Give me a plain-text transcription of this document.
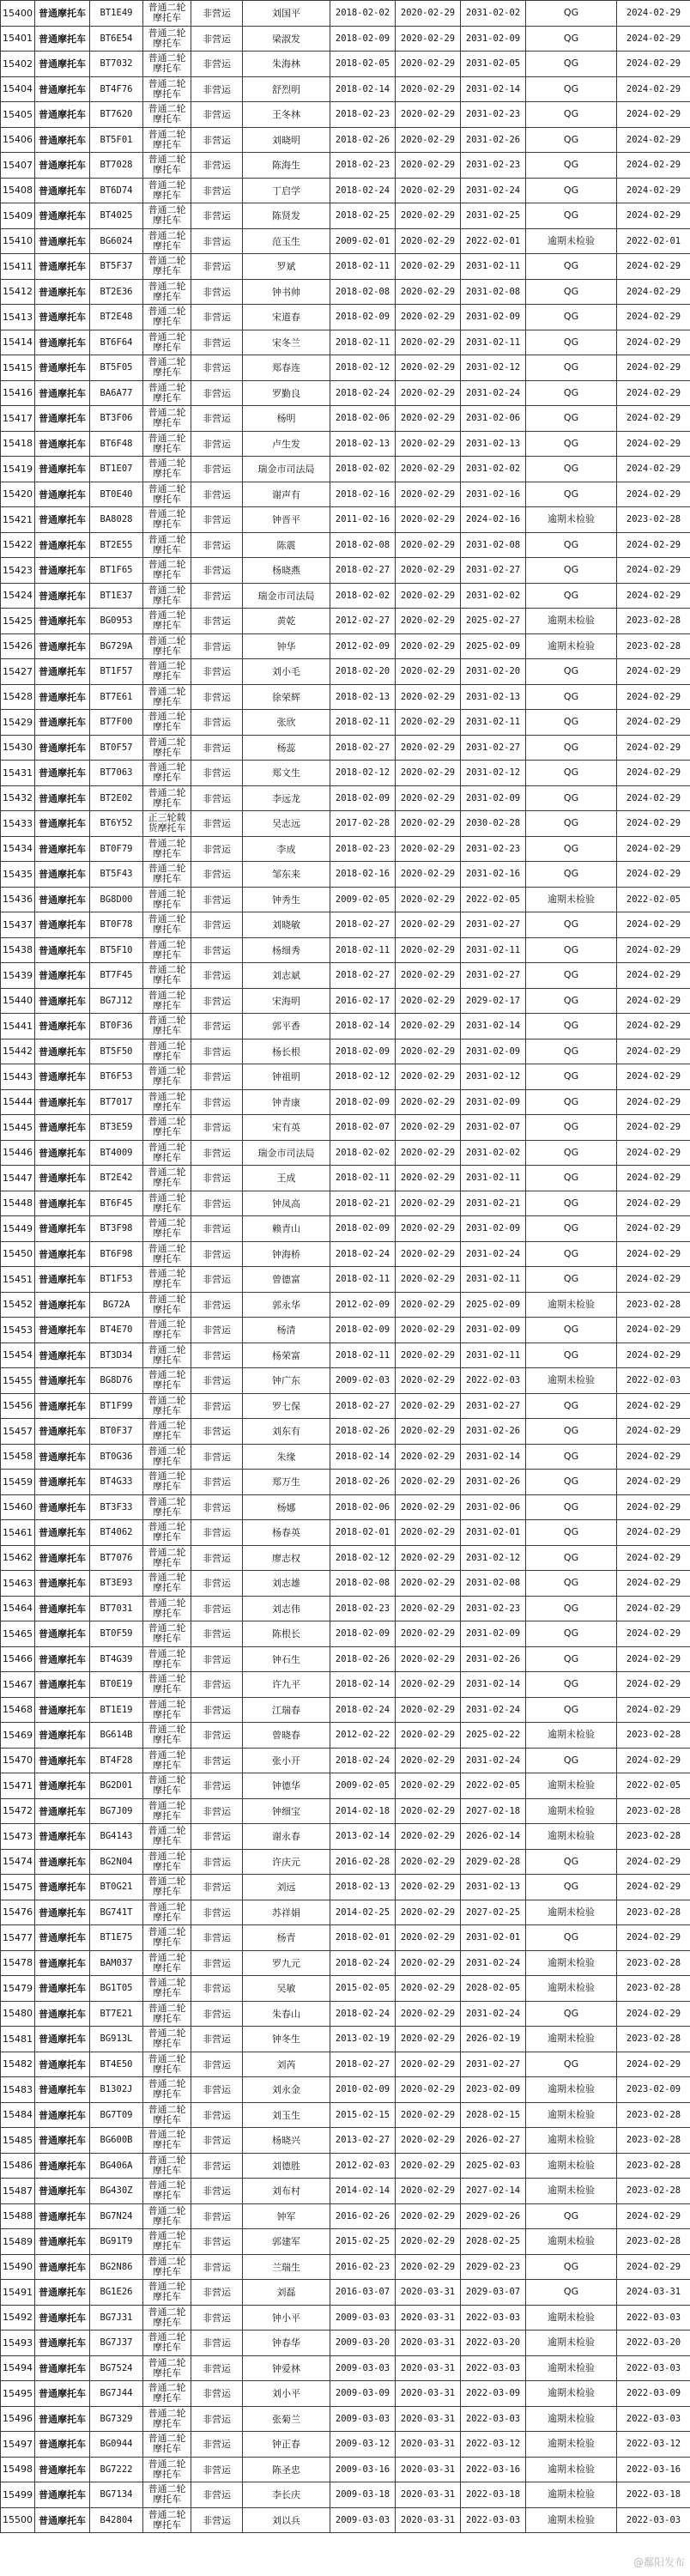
15400	普通摩托车	BT1E49	普通二轮摩托车	非营运	刘国平	2018-02-02	2020-02-29	2031-02-02	QG	2024-02-29
15401	普通摩托车	BT6E54	普通二轮摩托车	非营运	梁淑发	2018-02-09	2020-02-29	2031-02-09	QG	2024-02-29
15402	普通摩托车	BT7032	普通二轮摩托车	非营运	朱海林	2018-02-05	2020-02-29	2031-02-05	QG	2024-02-29
15404	普通摩托车	BT4F76	普通二轮摩托车	非营运	舒烈明	2018-02-14	2020-02-29	2031-02-14	QG	2024-02-29
15405	普通摩托车	BT7620	普通二轮摩托车	非营运	王冬林	2018-02-23	2020-02-29	2031-02-23	QG	2024-02-29
15406	普通摩托车	BT5F01	普通二轮摩托车	非营运	刘晓明	2018-02-26	2020-02-29	2031-02-26	QG	2024-02-29
15407	普通摩托车	BT7028	普通二轮摩托车	非营运	陈海生	2018-02-23	2020-02-29	2031-02-23	QG	2024-02-29
15408	普通摩托车	BT6D74	普通二轮摩托车	非营运	丁启学	2018-02-24	2020-02-29	2031-02-24	QG	2024-02-29
15409	普通摩托车	BT4025	普通二轮摩托车	非营运	陈贤发	2018-02-25	2020-02-29	2031-02-25	QG	2024-02-29
15410	普通摩托车	BG6024	普通二轮摩托车	非营运	范玉生	2009-02-01	2020-02-29	2022-02-01	逾期未检验	2022-02-01
15411	普通摩托车	BT5F37	普通二轮摩托车	非营运	罗斌	2018-02-11	2020-02-29	2031-02-11	QG	2024-02-29
15412	普通摩托车	BT2E36	普通二轮摩托车	非营运	钟书帅	2018-02-08	2020-02-29	2031-02-08	QG	2024-02-29
15413	普通摩托车	BT2E48	普通二轮摩托车	非营运	宋道春	2018-02-09	2020-02-29	2031-02-09	QG	2024-02-29
15414	普通摩托车	BT6F64	普通二轮摩托车	非营运	宋冬兰	2018-02-11	2020-02-29	2031-02-11	QG	2024-02-29
15415	普通摩托车	BT5F05	普通二轮摩托车	非营运	郑春连	2018-02-12	2020-02-29	2031-02-12	QG	2024-02-29
15416	普通摩托车	BA6A77	普通二轮摩托车	非营运	罗勤良	2018-02-24	2020-02-29	2031-02-24	QG	2024-02-29
15417	普通摩托车	BT3F06	普通二轮摩托车	非营运	杨明	2018-02-06	2020-02-29	2031-02-06	QG	2024-02-29
15418	普通摩托车	BT6F48	普通二轮摩托车	非营运	卢生发	2018-02-13	2020-02-29	2031-02-13	QG	2024-02-29
15419	普通摩托车	BT1E07	普通二轮摩托车	非营运	瑞金市司法局	2018-02-02	2020-02-29	2031-02-02	QG	2024-02-29
15420	普通摩托车	BT0E40	普通二轮摩托车	非营运	谢声有	2018-02-16	2020-02-29	2031-02-16	QG	2024-02-29
15421	普通摩托车	BA8028	普通二轮摩托车	非营运	钟晋平	2011-02-16	2020-02-29	2024-02-16	逾期未检验	2023-02-28
15422	普通摩托车	BT2E55	普通二轮摩托车	非营运	陈震	2018-02-08	2020-02-29	2031-02-08	QG	2024-02-29
15423	普通摩托车	BT1F65	普通二轮摩托车	非营运	杨晓燕	2018-02-27	2020-02-29	2031-02-27	QG	2024-02-29
15424	普通摩托车	BT1E37	普通二轮摩托车	非营运	瑞金市司法局	2018-02-02	2020-02-29	2031-02-02	QG	2024-02-29
15425	普通摩托车	BG0953	普通二轮摩托车	非营运	黄乾	2012-02-27	2020-02-29	2025-02-27	逾期未检验	2023-02-28
15426	普通摩托车	BG729A	普通二轮摩托车	非营运	钟华	2012-02-09	2020-02-29	2025-02-09	逾期未检验	2023-02-28
15427	普通摩托车	BT1F57	普通二轮摩托车	非营运	刘小毛	2018-02-20	2020-02-29	2031-02-20	QG	2024-02-29
15428	普通摩托车	BT7E61	普通二轮摩托车	非营运	徐荣辉	2018-02-13	2020-02-29	2031-02-13	QG	2024-02-29
15429	普通摩托车	BT7F00	普通二轮摩托车	非营运	张欣	2018-02-11	2020-02-29	2031-02-11	QG	2024-02-29
15430	普通摩托车	BT0F57	普通二轮摩托车	非营运	杨蕊	2018-02-27	2020-02-29	2031-02-27	QG	2024-02-29
15431	普通摩托车	BT7063	普通二轮摩托车	非营运	郑文生	2018-02-12	2020-02-29	2031-02-12	QG	2024-02-29
15432	普通摩托车	BT2E02	普通二轮摩托车	非营运	李远龙	2018-02-09	2020-02-29	2031-02-09	QG	2024-02-29
15433	普通摩托车	BT6Y52	正三轮载货摩托车	非营运	吴志远	2017-02-28	2020-02-29	2030-02-28	QG	2024-02-29
15434	普通摩托车	BT0F79	普通二轮摩托车	非营运	李成	2018-02-23	2020-02-29	2031-02-23	QG	2024-02-29
15435	普通摩托车	BT5F43	普通二轮摩托车	非营运	邹东来	2018-02-16	2020-02-29	2031-02-16	QG	2024-02-29
15436	普通摩托车	BG8D00	普通二轮摩托车	非营运	钟秀生	2009-02-05	2020-02-29	2022-02-05	逾期未检验	2022-02-05
15437	普通摩托车	BT0F78	普通二轮摩托车	非营运	刘晓敏	2018-02-27	2020-02-29	2031-02-27	QG	2024-02-29
15438	普通摩托车	BT5F10	普通二轮摩托车	非营运	杨细秀	2018-02-11	2020-02-29	2031-02-11	QG	2024-02-29
15439	普通摩托车	BT7F45	普通二轮摩托车	非营运	刘志斌	2018-02-27	2020-02-29	2031-02-27	QG	2024-02-29
15440	普通摩托车	BG7J12	普通二轮摩托车	非营运	宋海明	2016-02-17	2020-02-29	2029-02-17	QG	2024-02-29
15441	普通摩托车	BT0F36	普通二轮摩托车	非营运	郭平香	2018-02-14	2020-02-29	2031-02-14	QG	2024-02-29
15442	普通摩托车	BT5F50	普通二轮摩托车	非营运	杨长根	2018-02-09	2020-02-29	2031-02-09	QG	2024-02-29
15443	普通摩托车	BT6F53	普通二轮摩托车	非营运	钟祖明	2018-02-12	2020-02-29	2031-02-12	QG	2024-02-29
15444	普通摩托车	BT7017	普通二轮摩托车	非营运	钟青康	2018-02-09	2020-02-29	2031-02-09	QG	2024-02-29
15445	普通摩托车	BT3E59	普通二轮摩托车	非营运	宋有英	2018-02-07	2020-02-29	2031-02-07	QG	2024-02-29
15446	普通摩托车	BT4009	普通二轮摩托车	非营运	瑞金市司法局	2018-02-02	2020-02-29	2031-02-02	QG	2024-02-29
15447	普通摩托车	BT2E42	普通二轮摩托车	非营运	王成	2018-02-11	2020-02-29	2031-02-11	QG	2024-02-29
15448	普通摩托车	BT6F45	普通二轮摩托车	非营运	钟凤高	2018-02-21	2020-02-29	2031-02-21	QG	2024-02-29
15449	普通摩托车	BT3F98	普通二轮摩托车	非营运	赖青山	2018-02-09	2020-02-29	2031-02-09	QG	2024-02-29
15450	普通摩托车	BT6F98	普通二轮摩托车	非营运	钟海桥	2018-02-24	2020-02-29	2031-02-24	QG	2024-02-29
15451	普通摩托车	BT1F53	普通二轮摩托车	非营运	曾德富	2018-02-11	2020-02-29	2031-02-11	QG	2024-02-29
15452	普通摩托车	BG72A	普通二轮摩托车	非营运	郭永华	2012-02-09	2020-02-29	2025-02-09	逾期未检验	2023-02-28
15453	普通摩托车	BT4E70	普通二轮摩托车	非营运	杨清	2018-02-09	2020-02-29	2031-02-09	QG	2024-02-29
15454	普通摩托车	BT3D34	普通二轮摩托车	非营运	杨荣富	2018-02-11	2020-02-29	2031-02-11	QG	2024-02-29
15455	普通摩托车	BG8D76	普通二轮摩托车	非营运	钟广东	2009-02-03	2020-02-29	2022-02-03	逾期未检验	2022-02-03
15456	普通摩托车	BT1F99	普通二轮摩托车	非营运	罗七保	2018-02-27	2020-02-29	2031-02-27	QG	2024-02-29
15457	普通摩托车	BT0F37	普通二轮摩托车	非营运	刘东有	2018-02-26	2020-02-29	2031-02-26	QG	2024-02-29
15458	普通摩托车	BT0G36	普通二轮摩托车	非营运	朱缘	2018-02-14	2020-02-29	2031-02-14	QG	2024-02-29
15459	普通摩托车	BT4G33	普通二轮摩托车	非营运	郑万生	2018-02-26	2020-02-29	2031-02-26	QG	2024-02-29
15460	普通摩托车	BT3F33	普通二轮摩托车	非营运	杨娜	2018-02-06	2020-02-29	2031-02-06	QG	2024-02-29
15461	普通摩托车	BT4062	普通二轮摩托车	非营运	杨春英	2018-02-01	2020-02-29	2031-02-01	QG	2024-02-29
15462	普通摩托车	BT7076	普通二轮摩托车	非营运	廖志权	2018-02-12	2020-02-29	2031-02-12	QG	2024-02-29
15463	普通摩托车	BT3E93	普通二轮摩托车	非营运	刘志雄	2018-02-08	2020-02-29	2031-02-08	QG	2024-02-29
15464	普通摩托车	BT7031	普通二轮摩托车	非营运	刘志伟	2018-02-23	2020-02-29	2031-02-23	QG	2024-02-29
15465	普通摩托车	BT0F59	普通二轮摩托车	非营运	陈根长	2018-02-09	2020-02-29	2031-02-09	QG	2024-02-29
15466	普通摩托车	BT4G39	普通二轮摩托车	非营运	钟石生	2018-02-26	2020-02-29	2031-02-26	QG	2024-02-29
15467	普通摩托车	BT0E19	普通二轮摩托车	非营运	许九平	2018-02-14	2020-02-29	2031-02-14	QG	2024-02-29
15468	普通摩托车	BT1E19	普通二轮摩托车	非营运	江瑞春	2018-02-24	2020-02-29	2031-02-24	QG	2024-02-29
15469	普通摩托车	BG614B	普通二轮摩托车	非营运	曾晓春	2012-02-22	2020-02-29	2025-02-22	逾期未检验	2023-02-28
15470	普通摩托车	BT4F28	普通二轮摩托车	非营运	张小开	2018-02-24	2020-02-29	2031-02-24	QG	2024-02-29
15471	普通摩托车	BG2D01	普通二轮摩托车	非营运	钟德华	2009-02-05	2020-02-29	2022-02-05	逾期未检验	2022-02-05
15472	普通摩托车	BG7J09	普通二轮摩托车	非营运	钟细宝	2014-02-18	2020-02-29	2027-02-18	逾期未检验	2023-02-28
15473	普通摩托车	BG4143	普通二轮摩托车	非营运	谢永春	2013-02-14	2020-02-29	2026-02-14	逾期未检验	2023-02-28
15474	普通摩托车	BG2N04	普通二轮摩托车	非营运	许庆元	2016-02-28	2020-02-29	2029-02-28	QG	2024-02-29
15475	普通摩托车	BT0G21	普通二轮摩托车	非营运	刘远	2018-02-13	2020-02-29	2031-02-13	QG	2024-02-29
15476	普通摩托车	BG741T	普通二轮摩托车	非营运	苏祥娟	2014-02-25	2020-02-29	2027-02-25	逾期未检验	2023-02-28
15477	普通摩托车	BT1E75	普通二轮摩托车	非营运	杨青	2018-02-01	2020-02-29	2031-02-01	QG	2024-02-29
15478	普通摩托车	BAM037	普通二轮摩托车	非营运	罗九元	2018-02-24	2020-02-29	2031-02-24	逾期未检验	2023-02-28
15479	普通摩托车	BG1T05	普通二轮摩托车	非营运	吴敏	2015-02-05	2020-02-29	2028-02-05	逾期未检验	2023-02-28
15480	普通摩托车	BT7E21	普通二轮摩托车	非营运	朱春山	2018-02-24	2020-02-29	2031-02-24	QG	2024-02-29
15481	普通摩托车	BG913L	普通二轮摩托车	非营运	钟冬生	2013-02-19	2020-02-29	2026-02-19	逾期未检验	2023-02-28
15482	普通摩托车	BT4E50	普通二轮摩托车	非营运	刘芮	2018-02-27	2020-02-29	2031-02-27	QG	2024-02-29
15483	普通摩托车	B1302J	普通二轮摩托车	非营运	刘永金	2010-02-09	2020-02-29	2023-02-09	逾期未检验	2023-02-09
15484	普通摩托车	BG7T09	普通二轮摩托车	非营运	刘玉生	2015-02-15	2020-02-29	2028-02-15	逾期未检验	2023-02-28
15485	普通摩托车	BG600B	普通二轮摩托车	非营运	杨晓兴	2013-02-27	2020-02-29	2026-02-27	逾期未检验	2023-02-28
15486	普通摩托车	BG406A	普通二轮摩托车	非营运	刘德胜	2012-02-03	2020-02-29	2025-02-03	逾期未检验	2023-02-28
15487	普通摩托车	BG430Z	普通二轮摩托车	非营运	刘布村	2014-02-14	2020-02-29	2027-02-14	逾期未检验	2023-02-28
15488	普通摩托车	BG7N24	普通二轮摩托车	非营运	钟军	2016-02-26	2020-02-29	2029-02-26	QG	2024-02-29
15489	普通摩托车	BG91T9	普通二轮摩托车	非营运	郭建军	2015-02-25	2020-02-29	2028-02-25	逾期未检验	2023-02-28
15490	普通摩托车	BG2N86	普通二轮摩托车	非营运	兰瑞生	2016-02-23	2020-02-29	2029-02-23	QG	2024-02-29
15491	普通摩托车	BG1E26	普通二轮摩托车	非营运	刘磊	2016-03-07	2020-03-31	2029-03-07	QG	2024-03-31
15492	普通摩托车	BG7J31	普通二轮摩托车	非营运	钟小平	2009-03-03	2020-03-31	2022-03-03	逾期未检验	2022-03-03
15493	普通摩托车	BG7J37	普通二轮摩托车	非营运	钟春华	2009-03-20	2020-03-31	2022-03-20	逾期未检验	2022-03-20
15494	普通摩托车	BG7524	普通二轮摩托车	非营运	钟爱林	2009-03-03	2020-03-31	2022-03-03	逾期未检验	2022-03-03
15495	普通摩托车	BG7J44	普通二轮摩托车	非营运	刘小平	2009-03-09	2020-03-31	2022-03-09	逾期未检验	2022-03-09
15496	普通摩托车	BG7329	普通二轮摩托车	非营运	张菊兰	2009-03-03	2020-03-31	2022-03-03	逾期未检验	2022-03-03
15497	普通摩托车	BG0944	普通二轮摩托车	非营运	钟正春	2009-03-12	2020-03-31	2022-03-12	逾期未检验	2022-03-12
15498	普通摩托车	BG7222	普通二轮摩托车	非营运	陈圣忠	2009-03-16	2020-03-31	2022-03-16	逾期未检验	2022-03-16
15499	普通摩托车	BG7134	普通二轮摩托车	非营运	李长庆	2009-03-18	2020-03-31	2022-03-18	逾期未检验	2022-03-18
15500	普通摩托车	B42804	普通二轮摩托车	非营运	刘以兵	2009-03-03	2020-03-31	2022-03-03	逾期未检验	2022-03-03
@鄱阳发布
